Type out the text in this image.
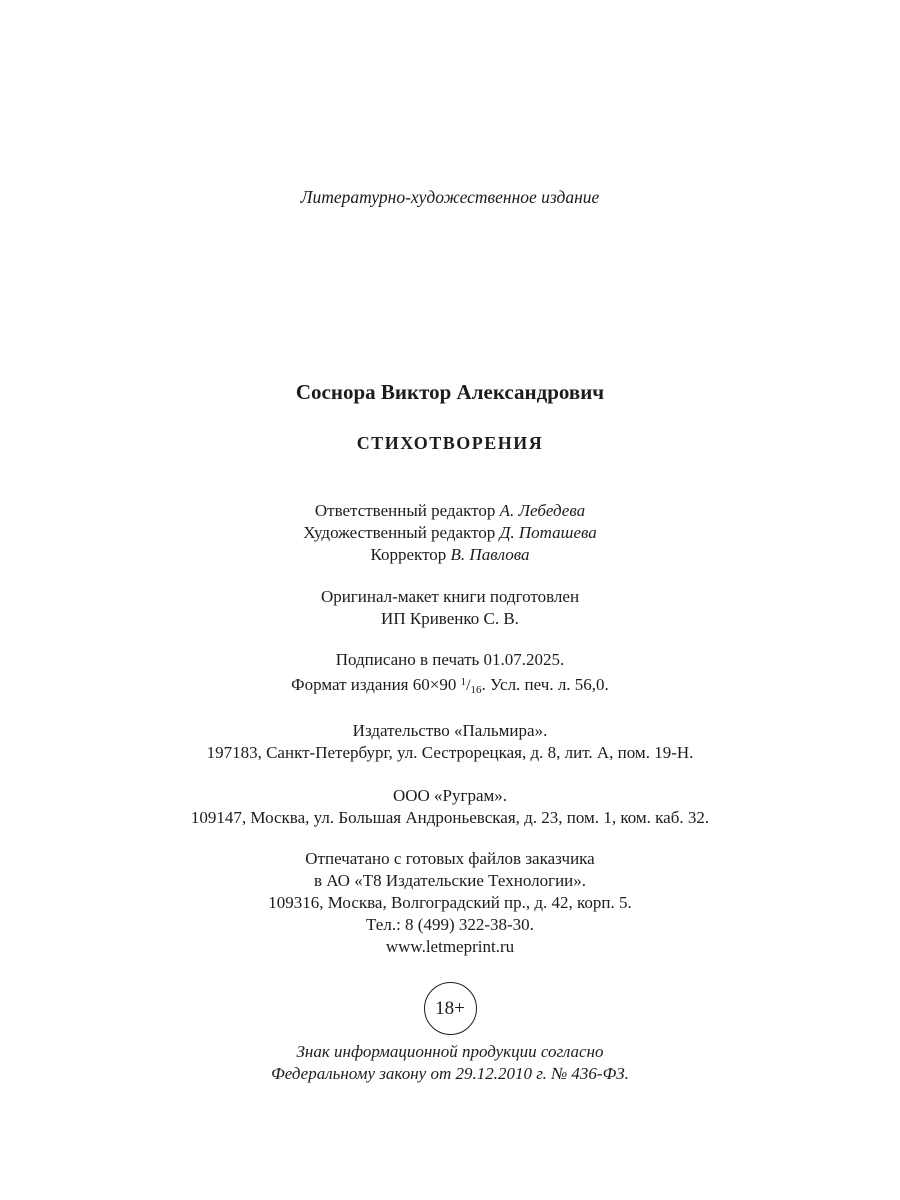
Литературно-художественное издание
Соснора Виктор Александрович
СТИХОТВОРЕНИЯ
Ответственный редактор А. Лебедева
Художественный редактор Д. Поташева
Корректор В. Павлова
Оригинал-макет книги подготовлен
ИП Кривенко С. В.
Подписано в печать 01.07.2025.
Формат издания 60×90 $^1$/16. Усл. печ. л. 56,0.
Издательство «Пальмира».
197183, Санкт-Петербург, ул. Сестрорецкая, д. 8, лит. А, пом. 19-Н.
ООО «Руграм».
109147, Москва, ул. Большая Андроньевская, д. 23, пом. 1, ком. каб. 32.
Отпечатано с готовых файлов заказчика
в АО «Т8 Издательские Технологии».
109316, Москва, Волгоградский пр., д. 42, корп. 5.
Тел.: 8 (499) 322-38-30.
www.letmeprint.ru
18+
Знак информационной продукции согласно
Федеральному закону от 29.12.2010 г. № 436-ФЗ.
